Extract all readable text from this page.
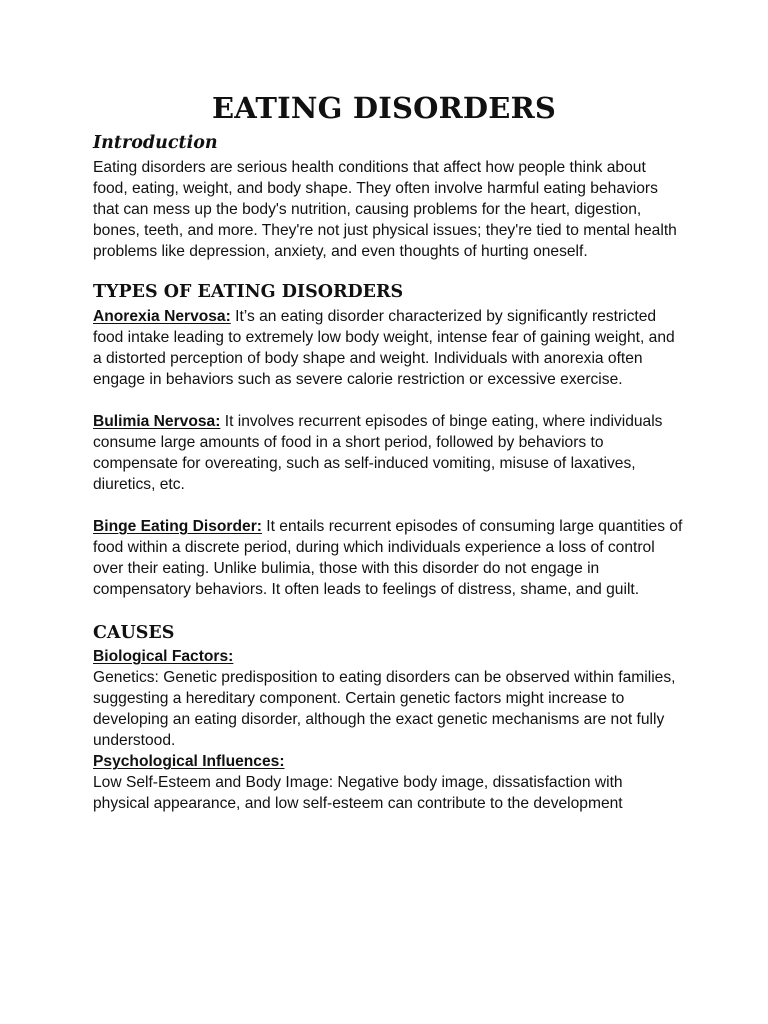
EATING DISORDERS
Introduction

Eating disorders are serious health conditions that affect how people think about food, eating, weight, and body shape. They often involve harmful eating behaviors that can mess up the body's nutrition, causing problems for the heart, digestion, bones, teeth, and more. They're not just physical issues; they're tied to mental health problems like depression, anxiety, and even thoughts of hurting oneself.

TYPES OF EATING DISORDERS

Anorexia Nervosa: It’s an eating disorder characterized by significantly restricted food intake leading to extremely low body weight, intense fear of gaining weight, and a distorted perception of body shape and weight. Individuals with anorexia often engage in behaviors such as severe calorie restriction or excessive exercise.

Bulimia Nervosa: It involves recurrent episodes of binge eating, where individuals consume large amounts of food in a short period, followed by behaviors to compensate for overeating, such as self-induced vomiting, misuse of laxatives, diuretics, etc.

Binge Eating Disorder: It entails recurrent episodes of consuming large quantities of food within a discrete period, during which individuals experience a loss of control over their eating. Unlike bulimia, those with this disorder do not engage in compensatory behaviors. It often leads to feelings of distress, shame, and guilt.

CAUSES

Biological Factors:

Genetics: Genetic predisposition to eating disorders can be observed within families, suggesting a hereditary component. Certain genetic factors might increase to developing an eating disorder, although the exact genetic mechanisms are not fully understood.

Psychological Influences:

Low Self-Esteem and Body Image: Negative body image, dissatisfaction with physical appearance, and low self-esteem can contribute to the development
